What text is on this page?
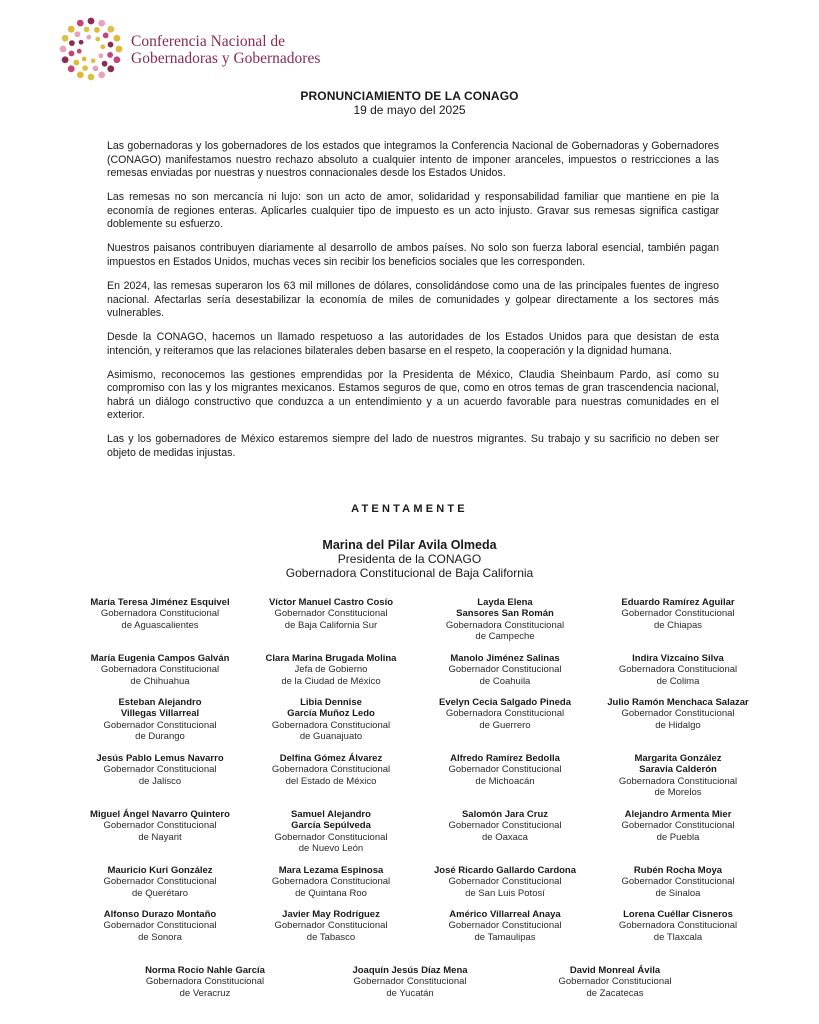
Conferencia Nacional de
Gobernadoras y Gobernadores
PRONUNCIAMIENTO DE LA CONAGO
19 de mayo del 2025

Las gobernadoras y los gobernadores de los estados que integramos la Conferencia Nacional de Gobernadoras y Gobernadores (CONAGO) manifestamos nuestro rechazo absoluto a cualquier intento de imponer aranceles, impuestos o restricciones a las remesas enviadas por nuestras y nuestros connacionales desde los Estados Unidos.

Las remesas no son mercancía ni lujo: son un acto de amor, solidaridad y responsabilidad familiar que mantiene en pie la economía de regiones enteras. Aplicarles cualquier tipo de impuesto es un acto injusto. Gravar sus remesas significa castigar doblemente su esfuerzo.

Nuestros paisanos contribuyen diariamente al desarrollo de ambos países. No solo son fuerza laboral esencial, también pagan impuestos en Estados Unidos, muchas veces sin recibir los beneficios sociales que les corresponden.

En 2024, las remesas superaron los 63 mil millones de dólares, consolidándose como una de las principales fuentes de ingreso nacional. Afectarlas sería desestabilizar la economía de miles de comunidades y golpear directamente a los sectores más vulnerables.

Desde la CONAGO, hacemos un llamado respetuoso a las autoridades de los Estados Unidos para que desistan de esta intención, y reiteramos que las relaciones bilaterales deben basarse en el respeto, la cooperación y la dignidad humana.

Asimismo, reconocemos las gestiones emprendidas por la Presidenta de México, Claudia Sheinbaum Pardo, así como su compromiso con las y los migrantes mexicanos. Estamos seguros de que, como en otros temas de gran trascendencia nacional, habrá un diálogo constructivo que conduzca a un entendimiento y a un acuerdo favorable para nuestras comunidades en el exterior.

Las y los gobernadores de México estaremos siempre del lado de nuestros migrantes. Su trabajo y su sacrificio no deben ser objeto de medidas injustas.

ATENTAMENTE
Marina del Pilar Avila Olmeda
Presidenta de la CONAGO
Gobernadora Constitucional de Baja California
María Teresa Jiménez Esquivel
Gobernadora Constitucional
de Aguascalientes
Víctor Manuel Castro Cosío
Gobernador Constitucional
de Baja California Sur
Layda Elena
Sansores San Román
Gobernadora Constitucional
de Campeche
Eduardo Ramírez Aguilar
Gobernador Constitucional
de Chiapas
María Eugenia Campos Galván
Gobernadora Constitucional
de Chihuahua
Clara Marina Brugada Molina
Jefa de Gobierno
de la Ciudad de México
Manolo Jiménez Salinas
Gobernador Constitucional
de Coahuila
Indira Vizcaíno Silva
Gobernadora Constitucional
de Colima
Esteban Alejandro
Villegas Villarreal
Gobernador Constitucional
de Durango
Libia Dennise
García Muñoz Ledo
Gobernadora Constitucional
de Guanajuato
Evelyn Cecia Salgado Pineda
Gobernadora Constitucional
de Guerrero
Julio Ramón Menchaca Salazar
Gobernador Constitucional
de Hidalgo
Jesús Pablo Lemus Navarro
Gobernador Constitucional
de Jalisco
Delfina Gómez Álvarez
Gobernadora Constitucional
del Estado de México
Alfredo Ramírez Bedolla
Gobernador Constitucional
de Michoacán
Margarita González
Saravia Calderón
Gobernadora Constitucional
de Morelos
Miguel Ángel Navarro Quintero
Gobernador Constitucional
de Nayarit
Samuel Alejandro
García Sepúlveda
Gobernador Constitucional
de Nuevo León
Salomón Jara Cruz
Gobernador Constitucional
de Oaxaca
Alejandro Armenta Mier
Gobernador Constitucional
de Puebla
Mauricio Kuri González
Gobernador Constitucional
de Querétaro
Mara Lezama Espinosa
Gobernadora Constitucional
de Quintana Roo
José Ricardo Gallardo Cardona
Gobernador Constitucional
de San Luis Potosí
Rubén Rocha Moya
Gobernador Constitucional
de Sinaloa
Alfonso Durazo Montaño
Gobernador Constitucional
de Sonora
Javier May Rodríguez
Gobernador Constitucional
de Tabasco
Américo Villarreal Anaya
Gobernador Constitucional
de Tamaulipas
Lorena Cuéllar Cisneros
Gobernadora Constitucional
de Tlaxcala
Norma Rocío Nahle García
Gobernadora Constitucional
de Veracruz
Joaquín Jesús Díaz Mena
Gobernador Constitucional
de Yucatán
David Monreal Ávila
Gobernador Constitucional
de Zacatecas
